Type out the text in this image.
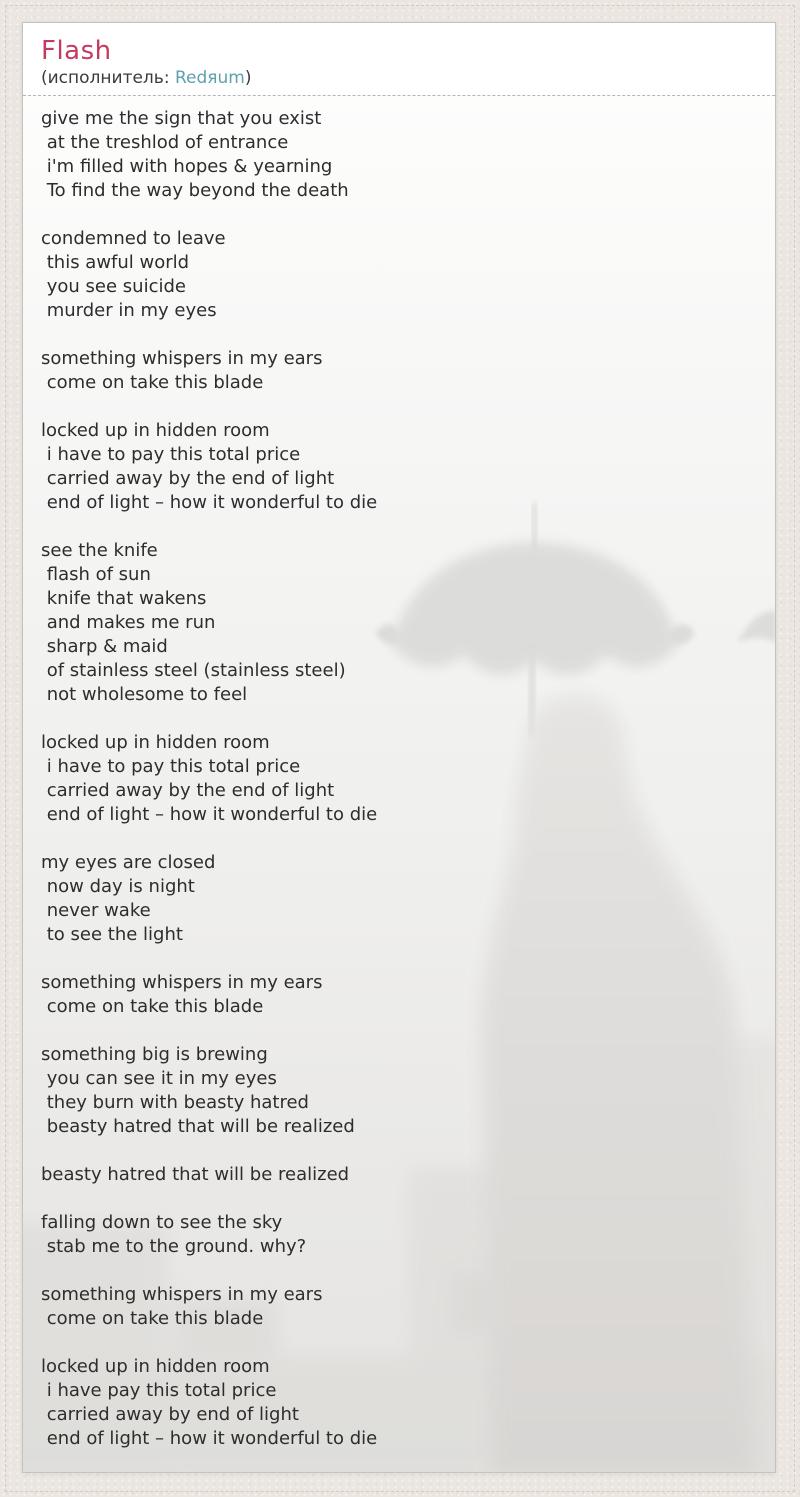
Flash
(исполнитель: Redяum)
give me the sign that you exist
at the treshlod of entrance
i'm filled with hopes & yearning
To find the way beyond the death
condemned to leave
this awful world
you see suicide
murder in my eyes
something whispers in my ears
come on take this blade
locked up in hidden room
i have to pay this total price
carried away by the end of light
end of light – how it wonderful to die
see the knife
flash of sun
knife that wakens
and makes me run
sharp & maid
of stainless steel (stainless steel)
not wholesome to feel
locked up in hidden room
i have to pay this total price
carried away by the end of light
end of light – how it wonderful to die
my eyes are closed
now day is night
never wake
to see the light
something whispers in my ears
come on take this blade
something big is brewing
you can see it in my eyes
they burn with beasty hatred
beasty hatred that will be realized
beasty hatred that will be realized
falling down to see the sky
stab me to the ground. why?
something whispers in my ears
come on take this blade
locked up in hidden room
i have pay this total price
carried away by end of light
end of light – how it wonderful to die
